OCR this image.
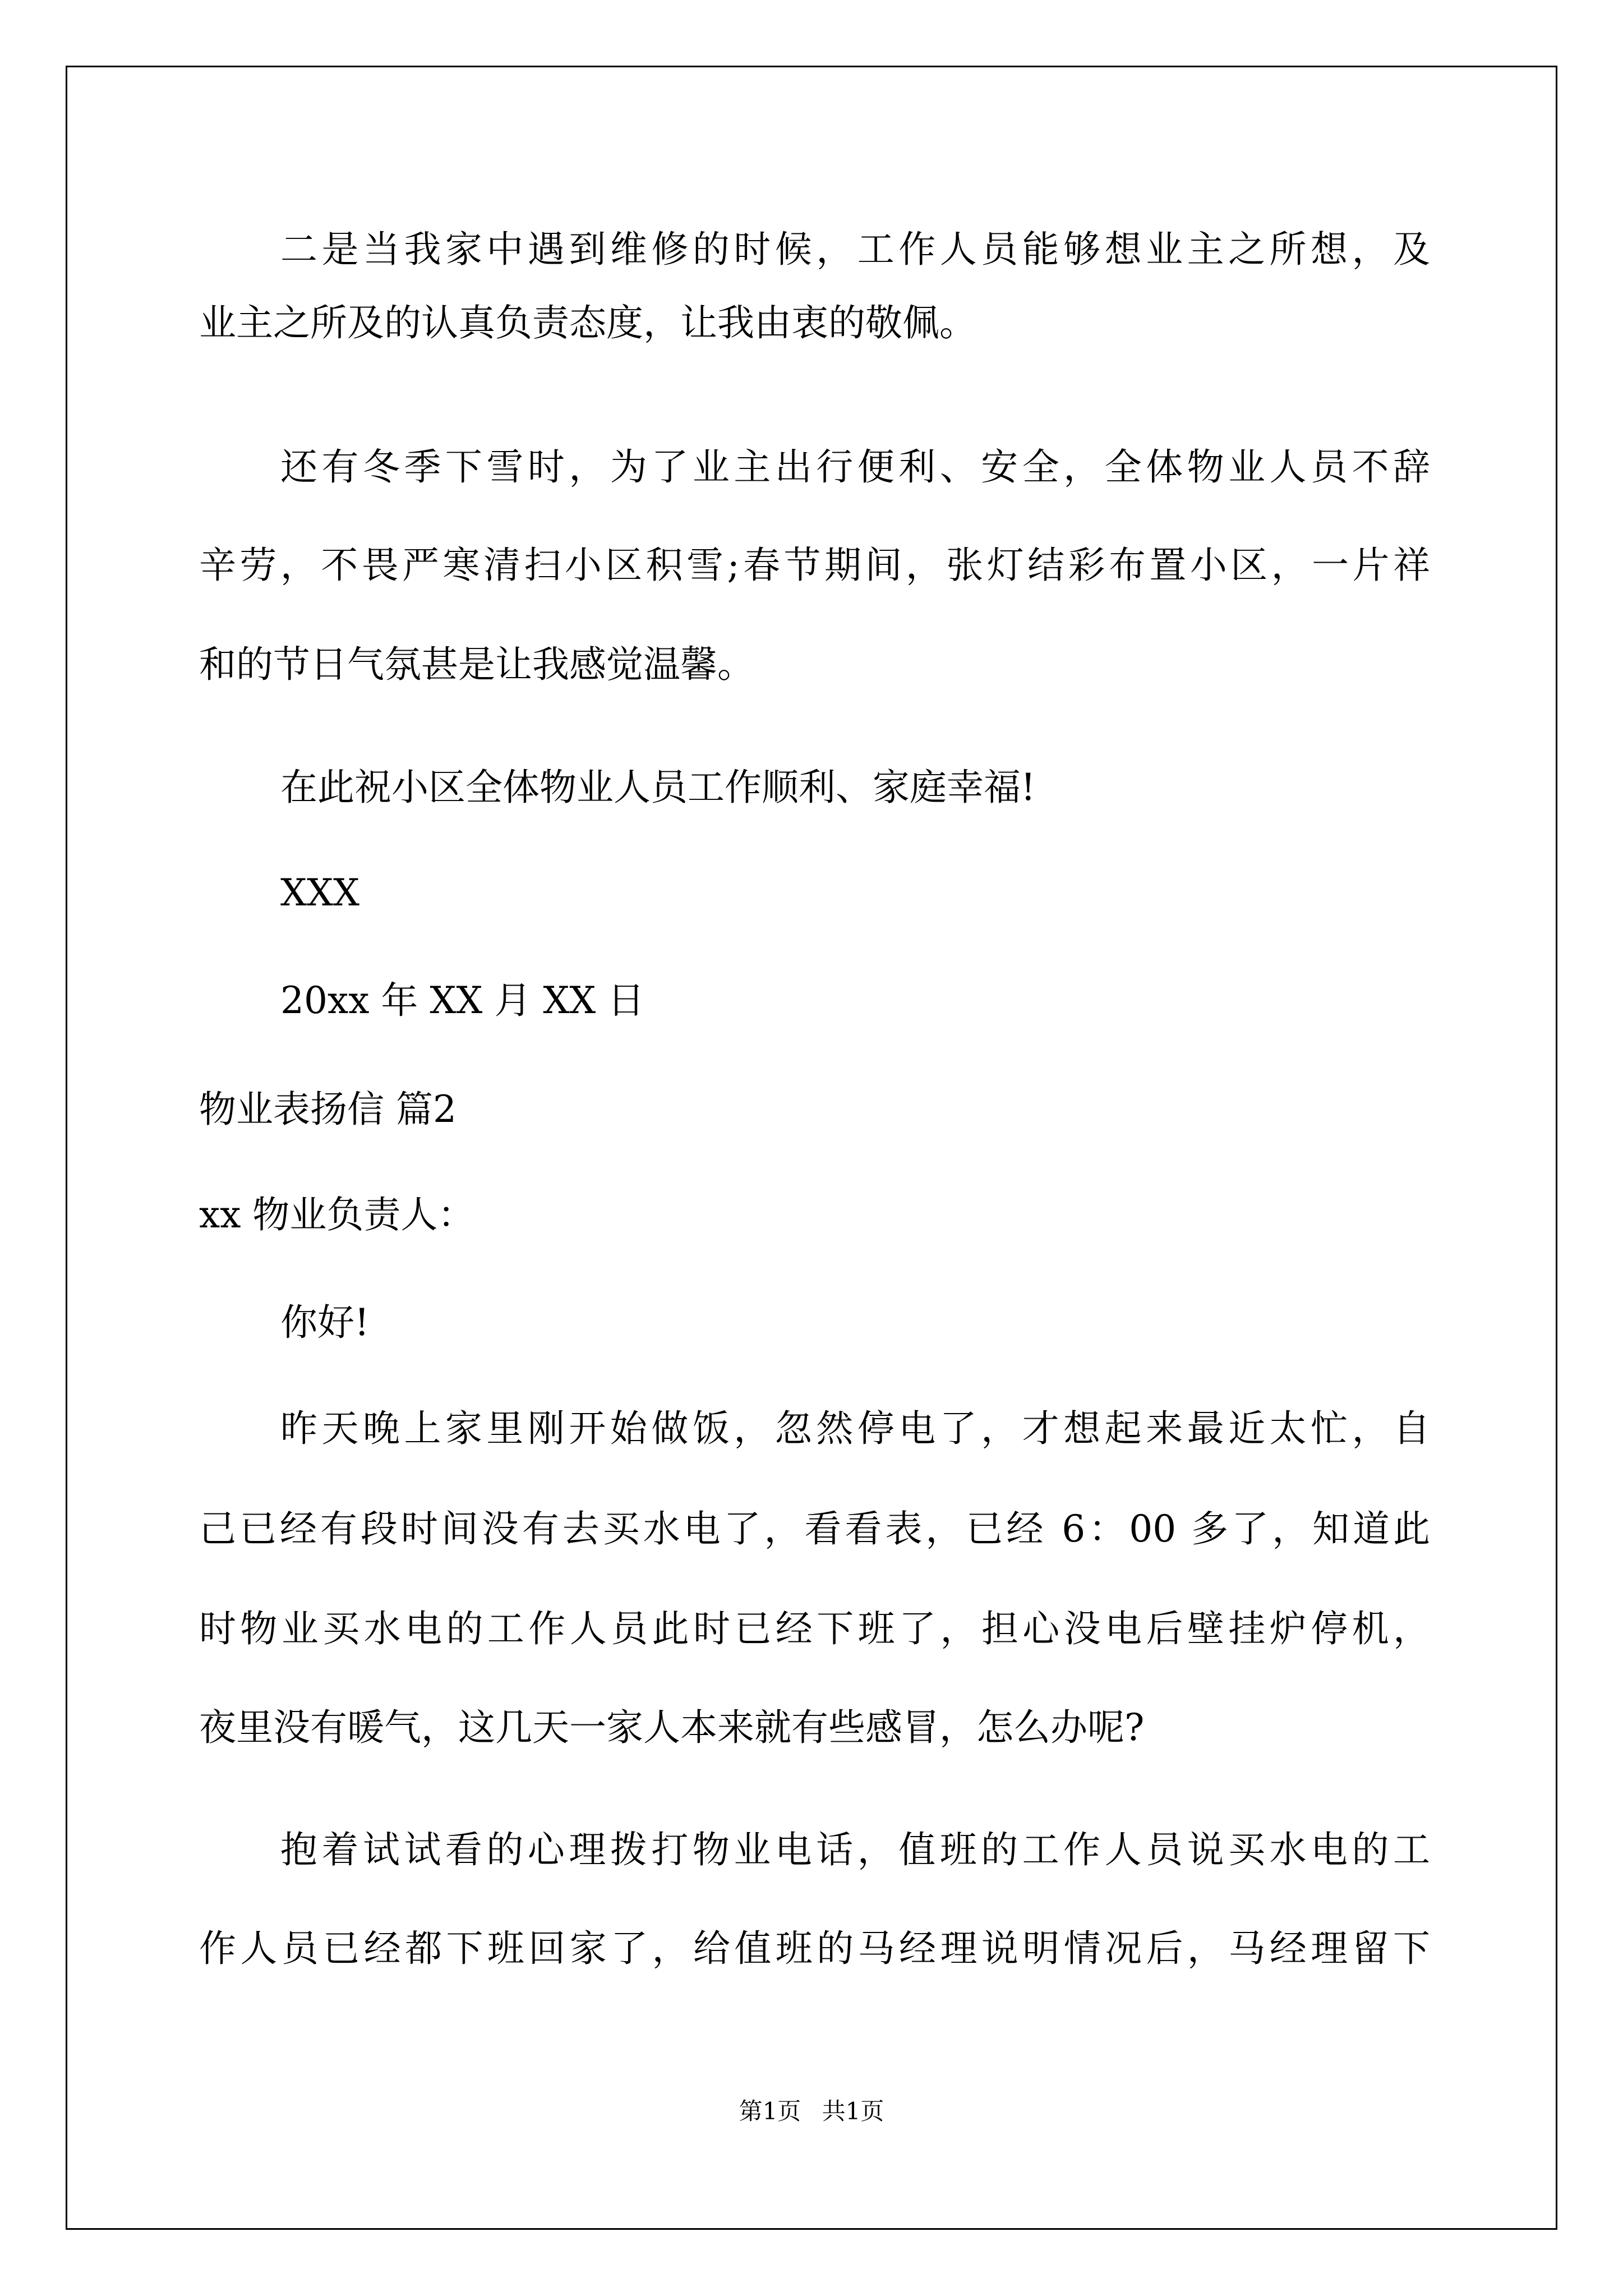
二是当我家中遇到维修的时候，工作人员能够想业主之所想，及
业主之所及的认真负责态度，让我由衷的敬佩。
还有冬季下雪时，为了业主出行便利、安全，全体物业人员不辞
辛劳，不畏严寒清扫小区积雪;春节期间，张灯结彩布置小区，一片祥
和的节日气氛甚是让我感觉温馨。
在此祝小区全体物业人员工作顺利、家庭幸福!
XXX
20xx 年 XX 月 XX 日
物业表扬信 篇2
xx 物业负责人：
你好!
昨天晚上家里刚开始做饭，忽然停电了，才想起来最近太忙，自
己已经有段时间没有去买水电了，看看表，已经 6：00 多了，知道此
时物业买水电的工作人员此时已经下班了，担心没电后壁挂炉停机，
夜里没有暖气，这几天一家人本来就有些感冒，怎么办呢?
抱着试试看的心理拨打物业电话，值班的工作人员说买水电的工
作人员已经都下班回家了，给值班的马经理说明情况后，马经理留下
第1页 共1页
